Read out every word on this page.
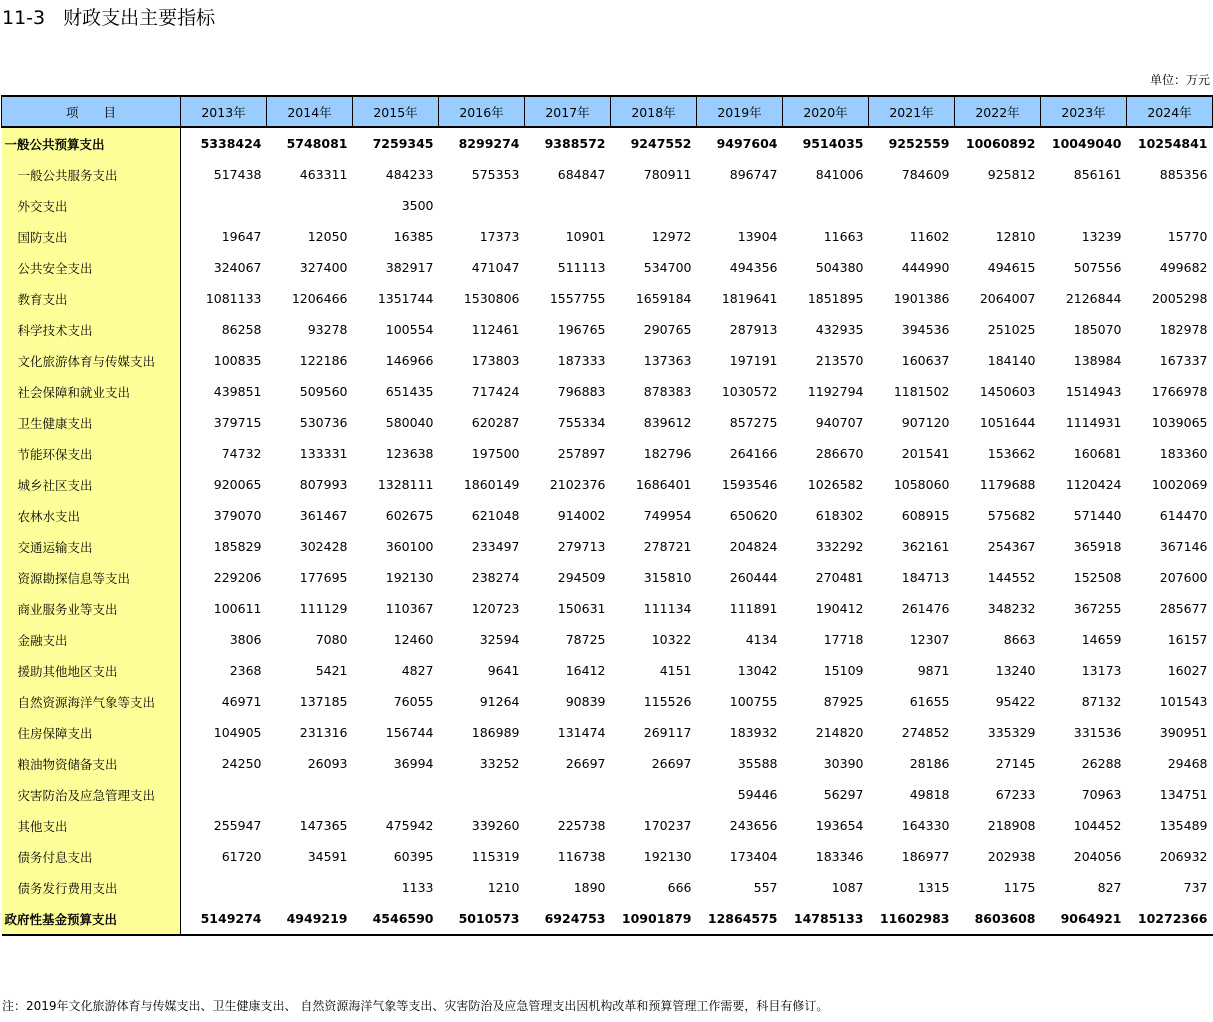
11-3 财政支出主要指标
单位：万元
项　　目	2013年	2014年	2015年	2016年	2017年	2018年	2019年	2020年	2021年	2022年	2023年	2024年
一般公共预算支出	5338424	5748081	7259345	8299274	9388572	9247552	9497604	9514035	9252559	10060892	10049040	10254841
一般公共服务支出	517438	463311	484233	575353	684847	780911	896747	841006	784609	925812	856161	885356
外交支出			3500									
国防支出	19647	12050	16385	17373	10901	12972	13904	11663	11602	12810	13239	15770
公共安全支出	324067	327400	382917	471047	511113	534700	494356	504380	444990	494615	507556	499682
教育支出	1081133	1206466	1351744	1530806	1557755	1659184	1819641	1851895	1901386	2064007	2126844	2005298
科学技术支出	86258	93278	100554	112461	196765	290765	287913	432935	394536	251025	185070	182978
文化旅游体育与传媒支出	100835	122186	146966	173803	187333	137363	197191	213570	160637	184140	138984	167337
社会保障和就业支出	439851	509560	651435	717424	796883	878383	1030572	1192794	1181502	1450603	1514943	1766978
卫生健康支出	379715	530736	580040	620287	755334	839612	857275	940707	907120	1051644	1114931	1039065
节能环保支出	74732	133331	123638	197500	257897	182796	264166	286670	201541	153662	160681	183360
城乡社区支出	920065	807993	1328111	1860149	2102376	1686401	1593546	1026582	1058060	1179688	1120424	1002069
农林水支出	379070	361467	602675	621048	914002	749954	650620	618302	608915	575682	571440	614470
交通运输支出	185829	302428	360100	233497	279713	278721	204824	332292	362161	254367	365918	367146
资源勘探信息等支出	229206	177695	192130	238274	294509	315810	260444	270481	184713	144552	152508	207600
商业服务业等支出	100611	111129	110367	120723	150631	111134	111891	190412	261476	348232	367255	285677
金融支出	3806	7080	12460	32594	78725	10322	4134	17718	12307	8663	14659	16157
援助其他地区支出	2368	5421	4827	9641	16412	4151	13042	15109	9871	13240	13173	16027
自然资源海洋气象等支出	46971	137185	76055	91264	90839	115526	100755	87925	61655	95422	87132	101543
住房保障支出	104905	231316	156744	186989	131474	269117	183932	214820	274852	335329	331536	390951
粮油物资储备支出	24250	26093	36994	33252	26697	26697	35588	30390	28186	27145	26288	29468
灾害防治及应急管理支出							59446	56297	49818	67233	70963	134751
其他支出	255947	147365	475942	339260	225738	170237	243656	193654	164330	218908	104452	135489
债务付息支出	61720	34591	60395	115319	116738	192130	173404	183346	186977	202938	204056	206932
债务发行费用支出			1133	1210	1890	666	557	1087	1315	1175	827	737
政府性基金预算支出	5149274	4949219	4546590	5010573	6924753	10901879	12864575	14785133	11602983	8603608	9064921	10272366
注：2019年文化旅游体育与传媒支出、卫生健康支出、 自然资源海洋气象等支出、灾害防治及应急管理支出因机构改革和预算管理工作需要，科目有修订。
